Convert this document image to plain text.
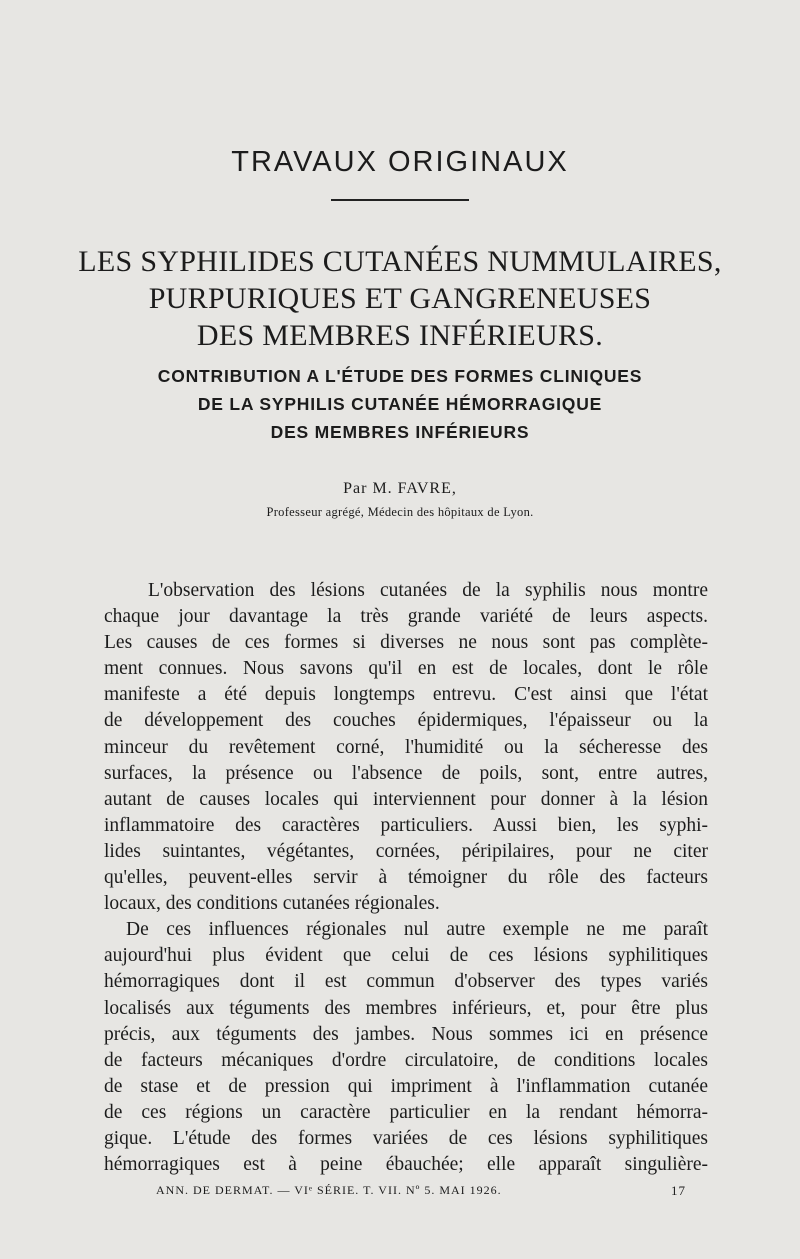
TRAVAUX ORIGINAUX
LES SYPHILIDES CUTANÉES NUMMULAIRES,
PURPURIQUES ET GANGRENEUSES
DES MEMBRES INFÉRIEURS.
CONTRIBUTION A L'ÉTUDE DES FORMES CLINIQUES
DE LA SYPHILIS CUTANÉE HÉMORRAGIQUE
DES MEMBRES INFÉRIEURS
Par M. FAVRE,
Professeur agrégé, Médecin des hôpitaux de Lyon.
L'observation des lésions cutanées de la syphilis nous montre
chaque jour davantage la très grande variété de leurs aspects.
Les causes de ces formes si diverses ne nous sont pas complète-
ment connues. Nous savons qu'il en est de locales, dont le rôle
manifeste a été depuis longtemps entrevu. C'est ainsi que l'état
de développement des couches épidermiques, l'épaisseur ou la
minceur du revêtement corné, l'humidité ou la sécheresse des
surfaces, la présence ou l'absence de poils, sont, entre autres,
autant de causes locales qui interviennent pour donner à la lésion
inflammatoire des caractères particuliers. Aussi bien, les syphi-
lides suintantes, végétantes, cornées, péripilaires, pour ne citer
qu'elles, peuvent-elles servir à témoigner du rôle des facteurs
locaux, des conditions cutanées régionales.
De ces influences régionales nul autre exemple ne me paraît
aujourd'hui plus évident que celui de ces lésions syphilitiques
hémorragiques dont il est commun d'observer des types variés
localisés aux téguments des membres inférieurs, et, pour être plus
précis, aux téguments des jambes. Nous sommes ici en présence
de facteurs mécaniques d'ordre circulatoire, de conditions locales
de stase et de pression qui impriment à l'inflammation cutanée
de ces régions un caractère particulier en la rendant hémorra-
gique. L'étude des formes variées de ces lésions syphilitiques
hémorragiques est à peine ébauchée; elle apparaît singulière-
ANN. DE DERMAT. — VIᵉ SÉRIE. T. VII. Nº 5. MAI 1926.	17
